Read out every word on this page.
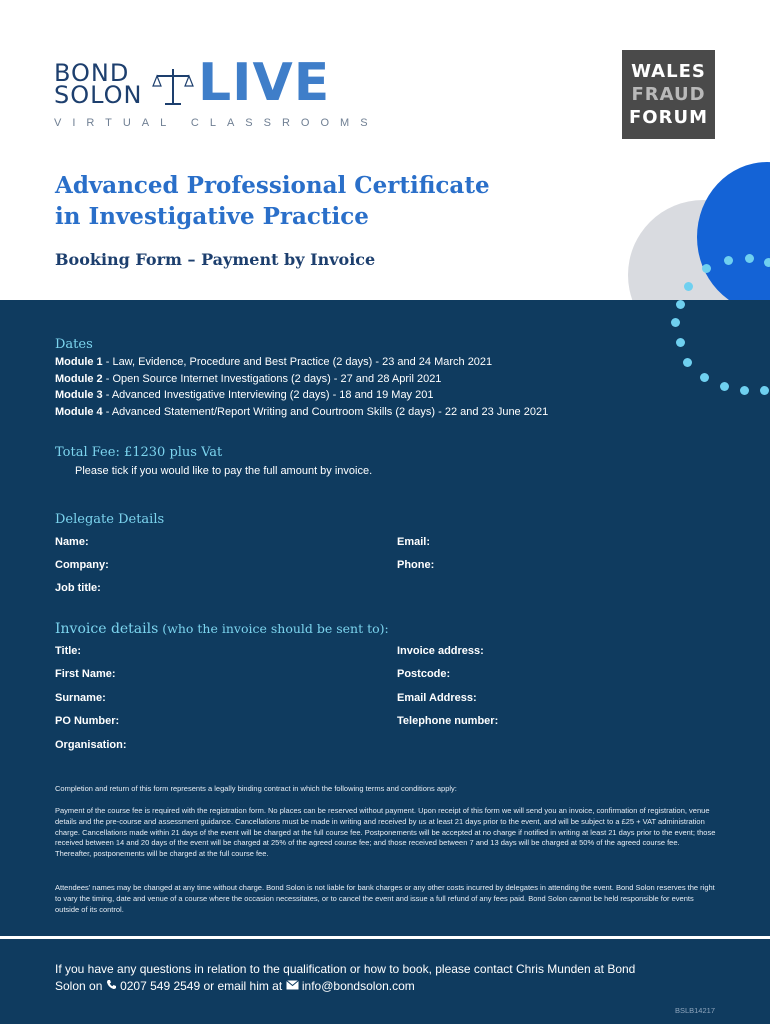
BOND
SOLON LIVE
VIRTUAL CLASSROOMS
WALES
FRAUD
FORUM
Advanced Professional Certificate
in Investigative Practice
Booking Form – Payment by Invoice
Dates
Module 1 - Law, Evidence, Procedure and Best Practice (2 days) - 23 and 24 March 2021
Module 2 - Open Source Internet Investigations (2 days) - 27 and 28 April 2021
Module 3 - Advanced Investigative Interviewing (2 days) - 18 and 19 May 201
Module 4 - Advanced Statement/Report Writing and Courtroom Skills (2 days) - 22 and 23 June 2021
Total Fee: £1230 plus Vat
Please tick if you would like to pay the full amount by invoice.
Delegate Details
Name:	Email:
Company:	Phone:
Job title:
Invoice details (who the invoice should be sent to):
Title:	Invoice address:
First Name:	Postcode:
Surname:	Email Address:
PO Number:	Telephone number:
Organisation:

Completion and return of this form represents a legally binding contract in which the following terms and conditions apply:

Payment of the course fee is required with the registration form. No places can be reserved without payment. Upon receipt of this form we will send you an invoice, confirmation of registration, venue details and the pre-course and assessment guidance. Cancellations must be made in writing and received by us at least 21 days prior to the event, and will be subject to a £25 + VAT administration charge. Cancellations made within 21 days of the event will be charged at the full course fee. Postponements will be accepted at no charge if notified in writing at least 21 days prior to the event; those received between 14 and 20 days of the event will be charged at 25% of the agreed course fee; and those received between 7 and 13 days will be charged at 50% of the agreed course fee. Thereafter, postponements will be charged at the full course fee.

Attendees' names may be changed at any time without charge. Bond Solon is not liable for bank charges or any other costs incurred by delegates in attending the event. Bond Solon reserves the right to vary the timing, date and venue of a course where the occasion necessitates, or to cancel the event and issue a full refund of any fees paid. Bond Solon cannot be held responsible for events outside of its control.

If you have any questions in relation to the qualification or how to book, please contact Chris Munden at Bond
Solon on  0207 549 2549 or email him at  info@bondsolon.com
BSLB14217
